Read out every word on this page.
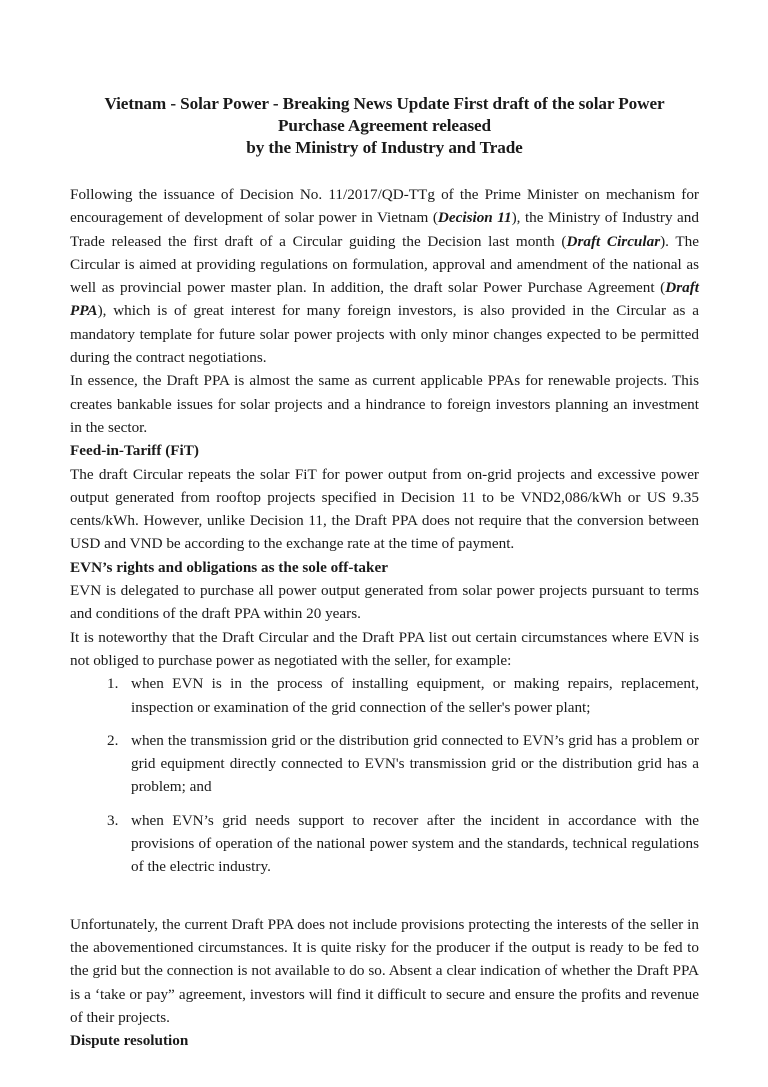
Vietnam - Solar Power - Breaking News Update First draft of the solar Power
Purchase Agreement released
by the Ministry of Industry and Trade

Following the issuance of Decision No. 11/2017/QD-TTg of the Prime Minister on mechanism for encouragement of development of solar power in Vietnam (Decision 11), the Ministry of Industry and Trade released the first draft of a Circular guiding the Decision last month (Draft Circular). The Circular is aimed at providing regulations on formulation, approval and amendment of the national as well as provincial power master plan. In addition, the draft solar Power Purchase Agreement (Draft PPA), which is of great interest for many foreign investors, is also provided in the Circular as a mandatory template for future solar power projects with only minor changes expected to be permitted during the contract negotiations.

In essence, the Draft PPA is almost the same as current applicable PPAs for renewable projects. This creates bankable issues for solar projects and a hindrance to foreign investors planning an investment in the sector.

Feed-in-Tariff (FiT)

The draft Circular repeats the solar FiT for power output from on-grid projects and excessive power output generated from rooftop projects specified in Decision 11 to be VND2,086/kWh or US 9.35 cents/kWh. However, unlike Decision 11, the Draft PPA does not require that the conversion between USD and VND be according to the exchange rate at the time of payment.

EVN’s rights and obligations as the sole off-taker

EVN is delegated to purchase all power output generated from solar power projects pursuant to terms and conditions of the draft PPA within 20 years.

It is noteworthy that the Draft Circular and the Draft PPA list out certain circumstances where EVN is not obliged to purchase power as negotiated with the seller, for example:

1. when EVN is in the process of installing equipment, or making repairs, replacement, inspection or examination of the grid connection of the seller's power plant;
2. when the transmission grid or the distribution grid connected to EVN’s grid has a problem or grid equipment directly connected to EVN's transmission grid or the distribution grid has a problem; and
3. when EVN’s grid needs support to recover after the incident in accordance with the provisions of operation of the national power system and the standards, technical regulations of the electric industry.

Unfortunately, the current Draft PPA does not include provisions protecting the interests of the seller in the abovementioned circumstances. It is quite risky for the producer if the output is ready to be fed to the grid but the connection is not available to do so. Absent a clear indication of whether the Draft PPA is a ‘take or pay” agreement, investors will find it difficult to secure and ensure the profits and revenue of their projects.

Dispute resolution
